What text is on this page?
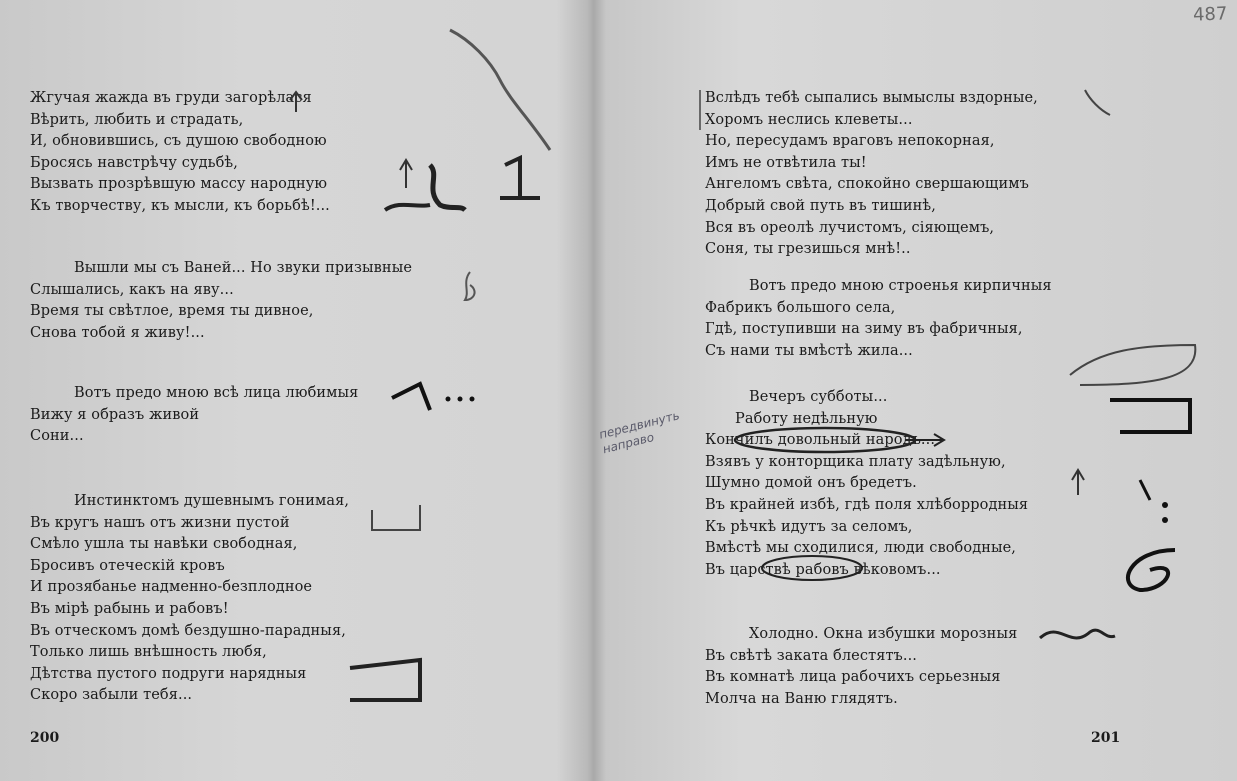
487
Жгучая жажда въ груди загорѣлася
Вѣрить, любить и страдать,
И, обновившись, съ душою свободною
Бросясь навстрѣчу судьбѣ,
Вызвать прозрѣвшую массу народную
Къ творчеству, къ мысли, къ борьбѣ!...
Вышли мы съ Ваней... Но звуки призывные
Слышались, какъ на яву...
Время ты свѣтлое, время ты дивное,
Снова тобой я живу!...
Вотъ предо мною всѣ лица любимыя
Вижу я образъ живой
Сони...
Инстинктомъ душевнымъ гонимая,
Въ кругъ нашъ отъ жизни пустой
Смѣло ушла ты навѣки свободная,
Бросивъ отеческій кровъ
И прозябанье надменно-безплодное
Въ мірѣ рабынь и рабовъ!
Въ отческомъ домѣ бездушно-парадныя,
Только лишь внѣшность любя,
Дѣтства пустого подруги нарядныя
Скоро забыли тебя...
200
Вслѣдъ тебѣ сыпались вымыслы вздорные,
Хоромъ неслись клеветы...
Но, пересудамъ враговъ непокорная,
Имъ не отвѣтила ты!
Ангеломъ свѣта, спокойно свершающимъ
Добрый свой путь въ тишинѣ,
Вся въ ореолѣ лучистомъ, сіяющемъ,
Соня, ты грезишься мнѣ!..
Вотъ предо мною строенья кирпичныя
Фабрикъ большого села,
Гдѣ, поступивши на зиму въ фабричныя,
Съ нами ты вмѣстѣ жила...
Вечеръ субботы...
Работу недѣльную
Кончилъ довольный народъ...
Взявъ у конторщика плату задѣльную,
Шумно домой онъ бредетъ.
Въ крайней избѣ, гдѣ поля хлѣборродныя
Къ рѣчкѣ идутъ за селомъ,
Вмѣстѣ мы сходилися, люди свободные,
Въ царствѣ рабовъ вѣковомъ...
Холодно. Окна избушки морозныя
Въ свѣтѣ заката блестятъ...
Въ комнатѣ лица рабочихъ серьезныя
Молча на Ваню глядятъ.
201
передвинуть направо
